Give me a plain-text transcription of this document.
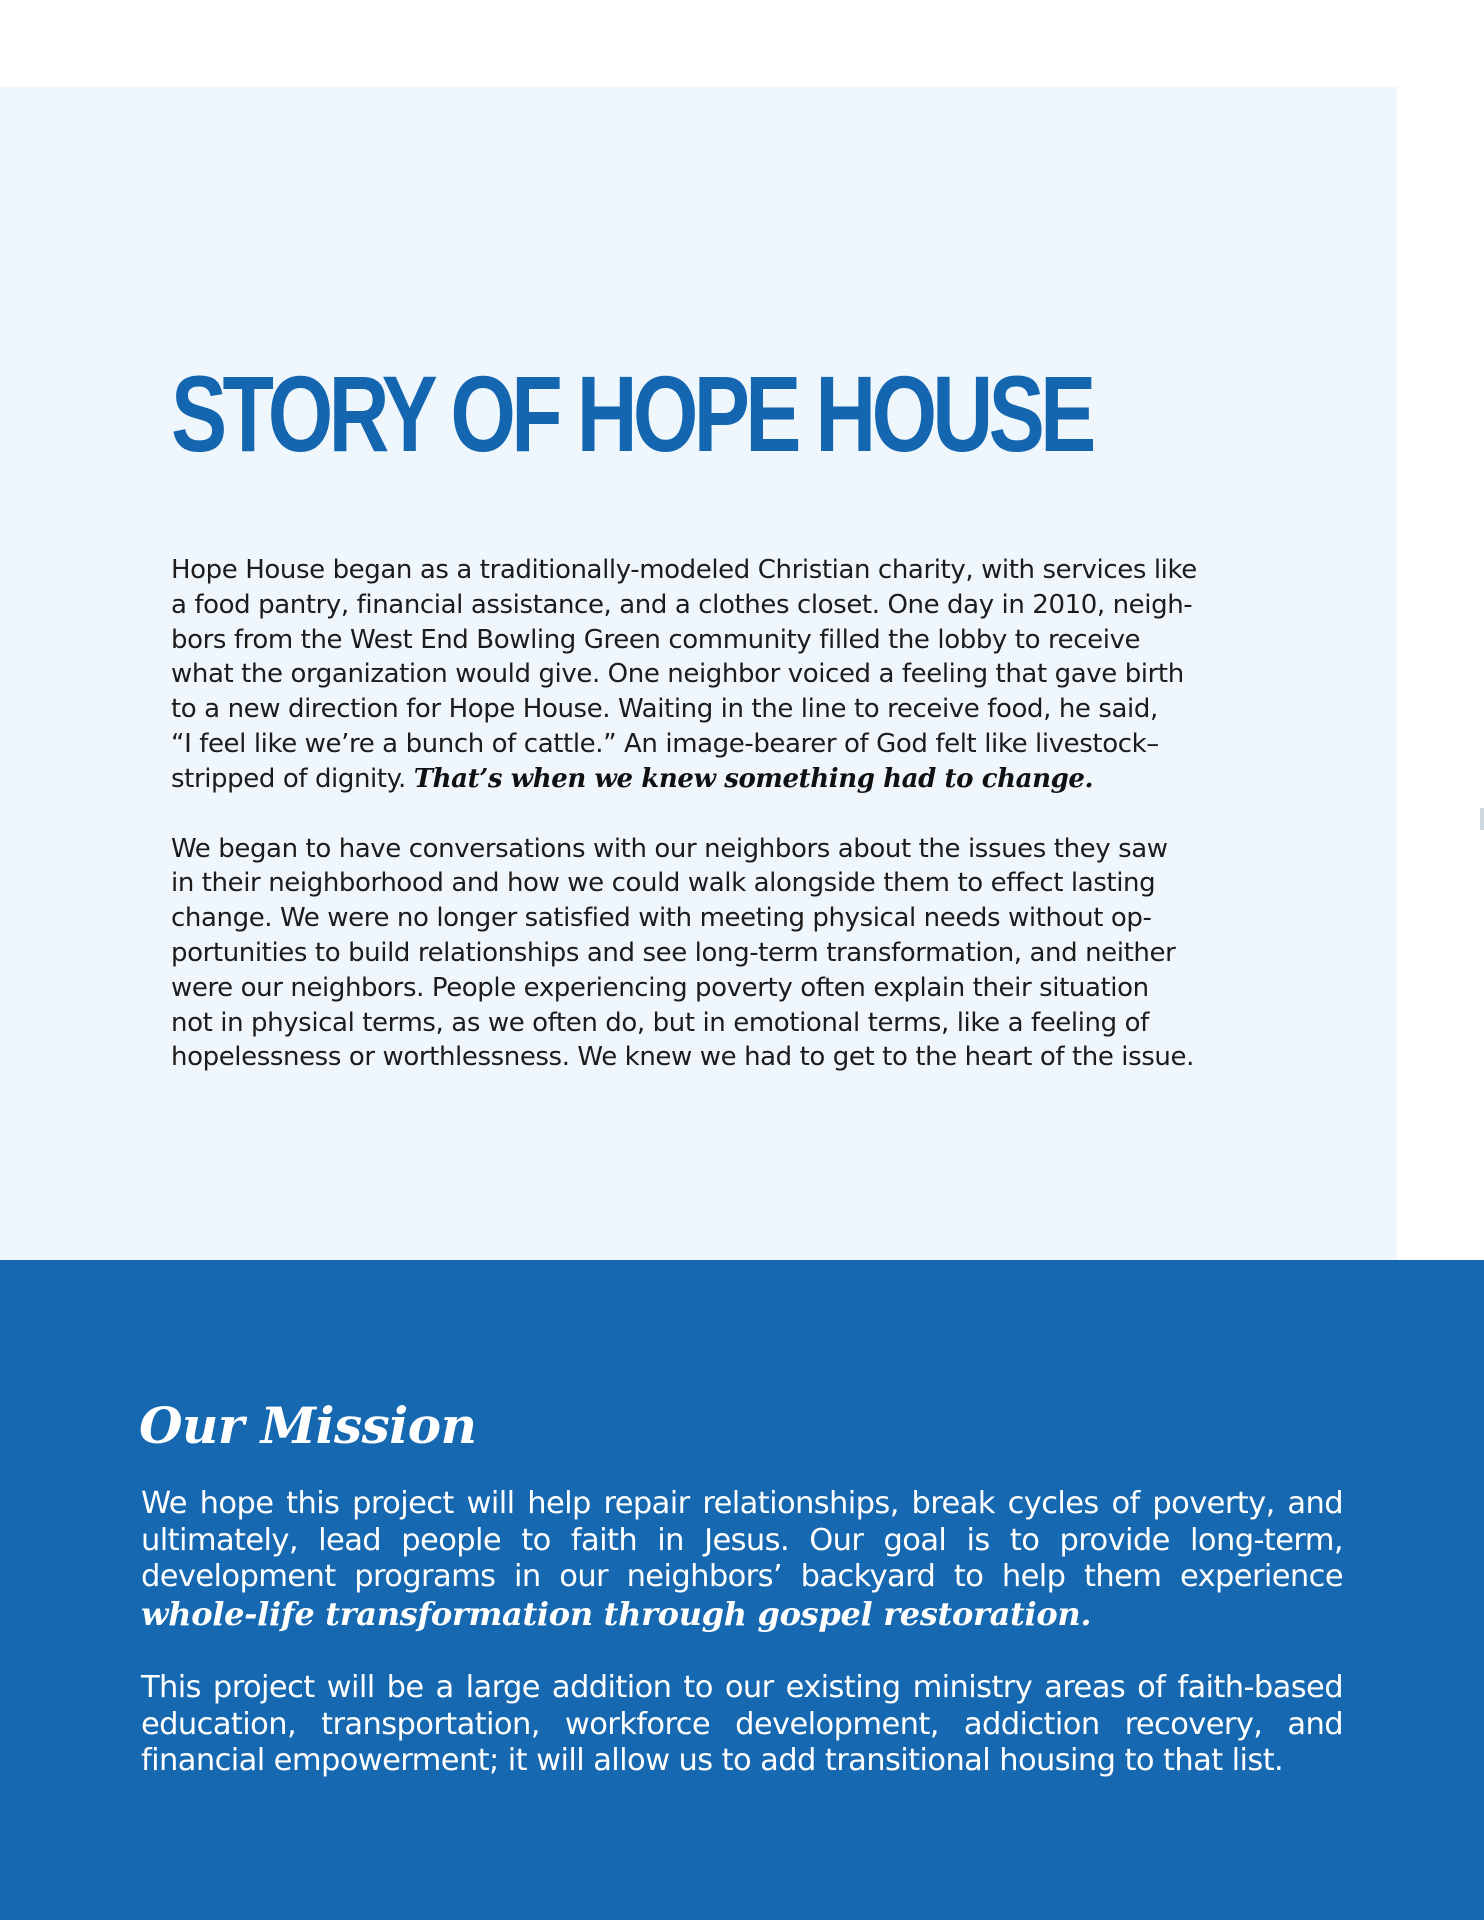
STORY OF HOPE HOUSE

Hope House began as a traditionally-modeled Christian charity, with services like
a food pantry, financial assistance, and a clothes closet. One day in 2010, neigh-
bors from the West End Bowling Green community filled the lobby to receive
what the organization would give. One neighbor voiced a feeling that gave birth
to a new direction for Hope House. Waiting in the line to receive food, he said,
“I feel like we’re a bunch of cattle.” An image-bearer of God felt like livestock–
stripped of dignity. That’s when we knew something had to change.

We began to have conversations with our neighbors about the issues they saw
in their neighborhood and how we could walk alongside them to effect lasting
change. We were no longer satisfied with meeting physical needs without op-
portunities to build relationships and see long-term transformation, and neither
were our neighbors. People experiencing poverty often explain their situation
not in physical terms, as we often do, but in emotional terms, like a feeling of
hopelessness or worthlessness. We knew we had to get to the heart of the issue.

Our Mission

We hope this project will help repair relationships, break cycles of poverty, and ultimately, lead people to faith in Jesus. Our goal is to provide long-term, development programs in our neighbors’ backyard to help them experience whole-life transformation through gospel restoration.

This project will be a large addition to our existing ministry areas of faith-based education, transportation, workforce development, addiction recovery, and financial empowerment; it will allow us to add transitional housing to that list.
